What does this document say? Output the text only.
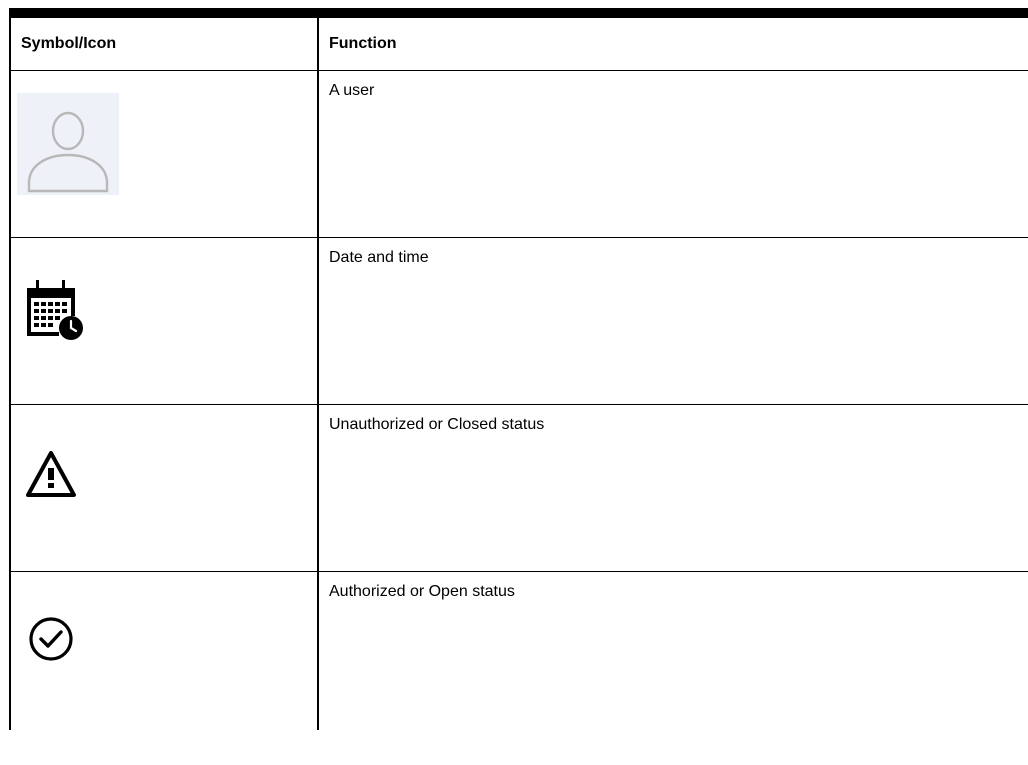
Symbol/Icon	Function

A user

Date and time

Unauthorized or Closed status

Authorized or Open status
